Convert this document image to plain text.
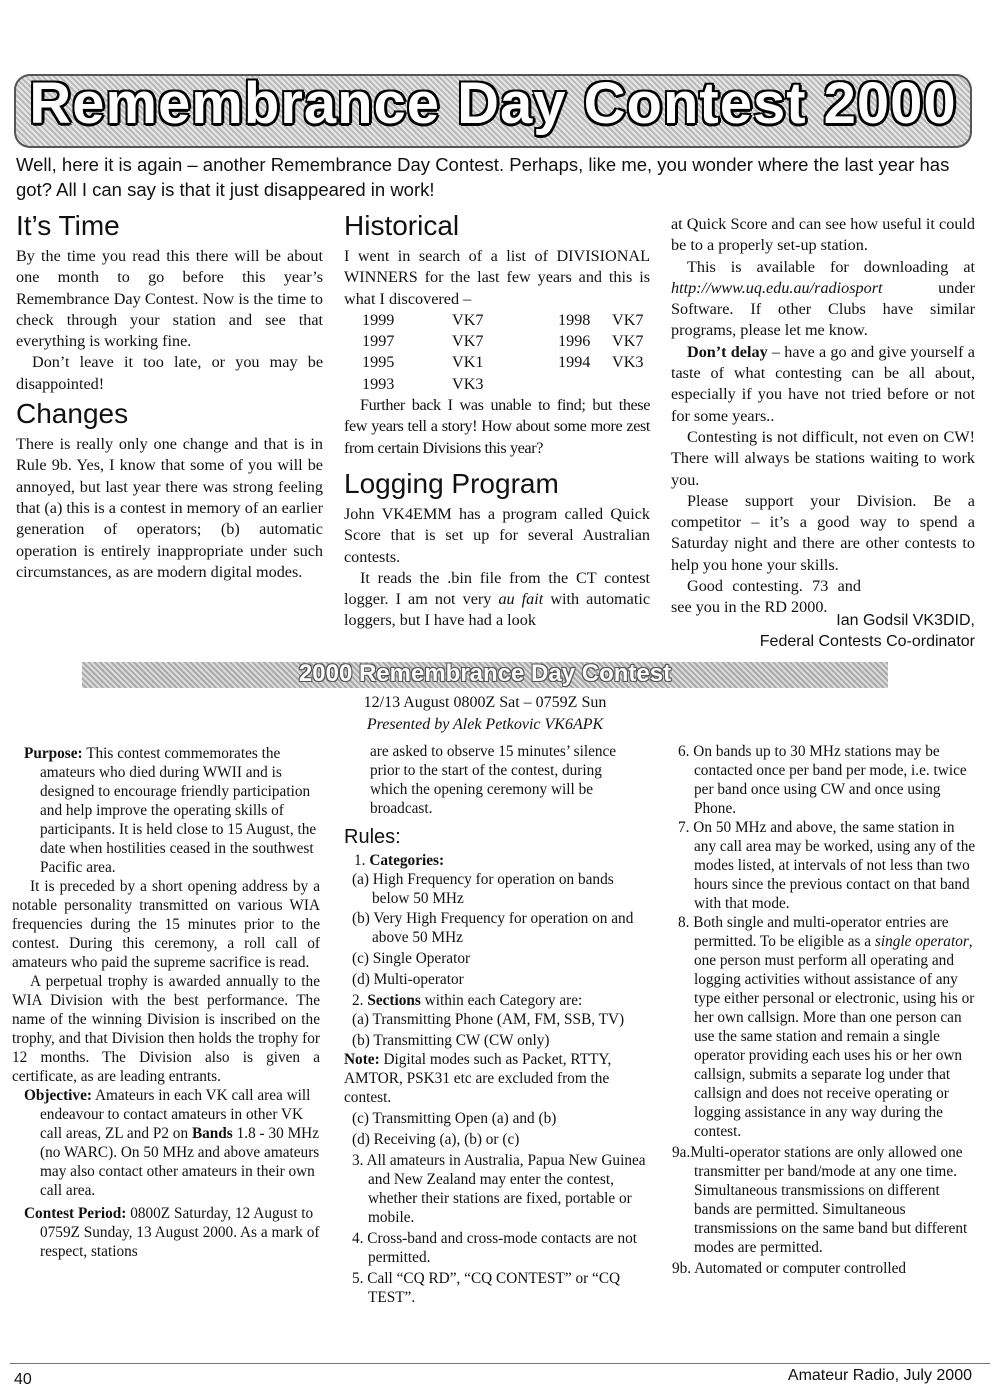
Remembrance Day Contest 2000
Well, here it is again – another Remembrance Day Contest. Perhaps, like me, you wonder where the last year has got? All I can say is that it just disappeared in work!
It’s Time

By the time you read this there will be about one month to go before this year’s Remembrance Day Contest. Now is the time to check through your station and see that everything is working fine.

Don’t leave it too late, or you may be disappointed!

Changes

There is really only one change and that is in Rule 9b. Yes, I know that some of you will be annoyed, but last year there was strong feeling that (a) this is a contest in memory of an earlier generation of operators; (b) automatic operation is entirely inappropriate under such circumstances, as are modern digital modes.

Historical

I went in search of a list of DIVISIONAL WINNERS for the last few years and this is what I discovered –

1999	VK7	1998	VK7
1997	VK7	1996	VK7
1995	VK1	1994	VK3
1993	VK3		

Further back I was unable to find; but these few years tell a story! How about some more zest from certain Divisions this year?

Logging Program

John VK4EMM has a program called Quick Score that is set up for several Australian contests.

It reads the .bin file from the CT contest logger. I am not very au fait with automatic loggers, but I have had a look

at Quick Score and can see how useful it could be to a properly set-up station.

This is available for downloading at http://www.uq.edu.au/radiosport under Software. If other Clubs have similar programs, please let me know.

Don’t delay – have a go and give yourself a taste of what contesting can be all about, especially if you have not tried before or not for some years..

Contesting is not difficult, not even on CW! There will always be stations waiting to work you.

Please support your Division. Be a competitor – it’s a good way to spend a Saturday night and there are other contests to help you hone your skills.

Good contesting. 73 and see you in the RD 2000.

Ian Godsil VK3DID,
Federal Contests Co-ordinator
2000 Remembrance Day Contest
12/13 August 0800Z Sat – 0759Z Sun
Presented by Alek Petkovic VK6APK

Purpose: This contest commemorates the amateurs who died during WWII and is designed to encourage friendly participation and help improve the operating skills of participants. It is held close to 15 August, the date when hostilities ceased in the southwest Pacific area.

It is preceded by a short opening address by a notable personality transmitted on various WIA frequencies during the 15 minutes prior to the contest. During this ceremony, a roll call of amateurs who paid the supreme sacrifice is read.

A perpetual trophy is awarded annually to the WIA Division with the best performance. The name of the winning Division is inscribed on the trophy, and that Division then holds the trophy for 12 months. The Division also is given a certificate, as are leading entrants.

Objective: Amateurs in each VK call area will endeavour to contact amateurs in other VK call areas, ZL and P2 on Bands 1.8 - 30 MHz (no WARC). On 50 MHz and above amateurs may also contact other amateurs in their own call area.

Contest Period: 0800Z Saturday, 12 August to 0759Z Sunday, 13 August 2000. As a mark of respect, stations

are asked to observe 15 minutes’ silence prior to the start of the contest, during which the opening ceremony will be broadcast.

Rules:

1. Categories:

(a) High Frequency for operation on bands below 50 MHz

(b) Very High Frequency for operation on and above 50 MHz

(c) Single Operator

(d) Multi-operator

2. Sections within each Category are:

(a) Transmitting Phone (AM, FM, SSB, TV)

(b) Transmitting CW (CW only)

Note: Digital modes such as Packet, RTTY, AMTOR, PSK31 etc are excluded from the contest.

(c) Transmitting Open (a) and (b)

(d) Receiving (a), (b) or (c)

3. All amateurs in Australia, Papua New Guinea and New Zealand may enter the contest, whether their stations are fixed, portable or mobile.

4. Cross-band and cross-mode contacts are not permitted.

5. Call “CQ RD”, “CQ CONTEST” or “CQ TEST”.

6. On bands up to 30 MHz stations may be contacted once per band per mode, i.e. twice per band once using CW and once using Phone.

7. On 50 MHz and above, the same station in any call area may be worked, using any of the modes listed, at intervals of not less than two hours since the previous contact on that band with that mode.

8. Both single and multi-operator entries are permitted. To be eligible as a single operator, one person must perform all operating and logging activities without assistance of any type either personal or electronic, using his or her own callsign. More than one person can use the same station and remain a single operator providing each uses his or her own callsign, submits a separate log under that callsign and does not receive operating or logging assistance in any way during the contest.

9a.Multi-operator stations are only allowed one transmitter per band/mode at any one time. Simultaneous transmissions on different bands are permitted. Simultaneous transmissions on the same band but different modes are permitted.

9b. Automated or computer controlled

40	Amateur Radio, July 2000
